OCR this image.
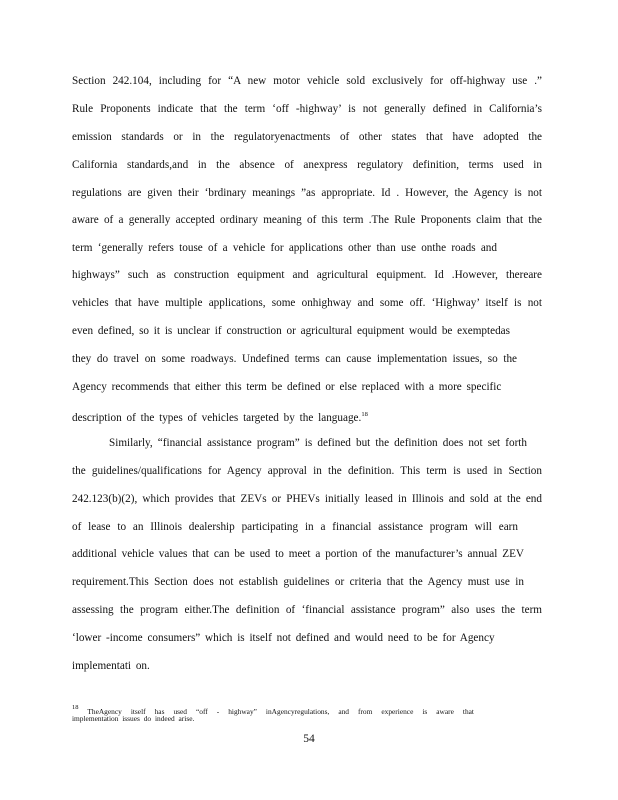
Section 242.104, including for “A new motor vehicle sold exclusively for off-highway use .”
Rule Proponents indicate that the term ‘off -highway’ is not generally defined in California’s
emission standards or in the regulatoryenactments of other states that have adopted the
California standards,and in the absence of anexpress regulatory definition, terms used in
regulations are given their ‘brdinary meanings ”as appropriate. Id . However, the Agency is not
aware of a generally accepted ordinary meaning of this term .The Rule Proponents claim that the
term ‘generally refers touse of a vehicle for applications other than use onthe roads and
highways” such as construction equipment and agricultural equipment. Id .However, thereare
vehicles that have multiple applications, some onhighway and some off. ‘Highway’ itself is not
even defined, so it is unclear if construction or agricultural equipment would be exemptedas
they do travel on some roadways. Undefined terms can cause implementation issues, so the
Agency recommends that either this term be defined or else replaced with a more specific
description of the types of vehicles targeted by the language.$^{18}$
Similarly, “financial assistance program” is defined but the definition does not set forth
the guidelines/qualifications for Agency approval in the definition. This term is used in Section
242.123(b)(2), which provides that ZEVs or PHEVs initially leased in Illinois and sold at the end
of lease to an Illinois dealership participating in a financial assistance program will earn
additional vehicle values that can be used to meet a portion of the manufacturer’s annual ZEV
requirement.This Section does not establish guidelines or criteria that the Agency must use in
assessing the program either.The definition of ‘financial assistance program” also uses the term
‘lower -income consumers” which is itself not defined and would need to be for Agency
implementati on.
$^{18}$ TheAgency itself has used “off - highway” inAgencyregulations, and from experience is aware that
implementation issues do indeed arise.
54
